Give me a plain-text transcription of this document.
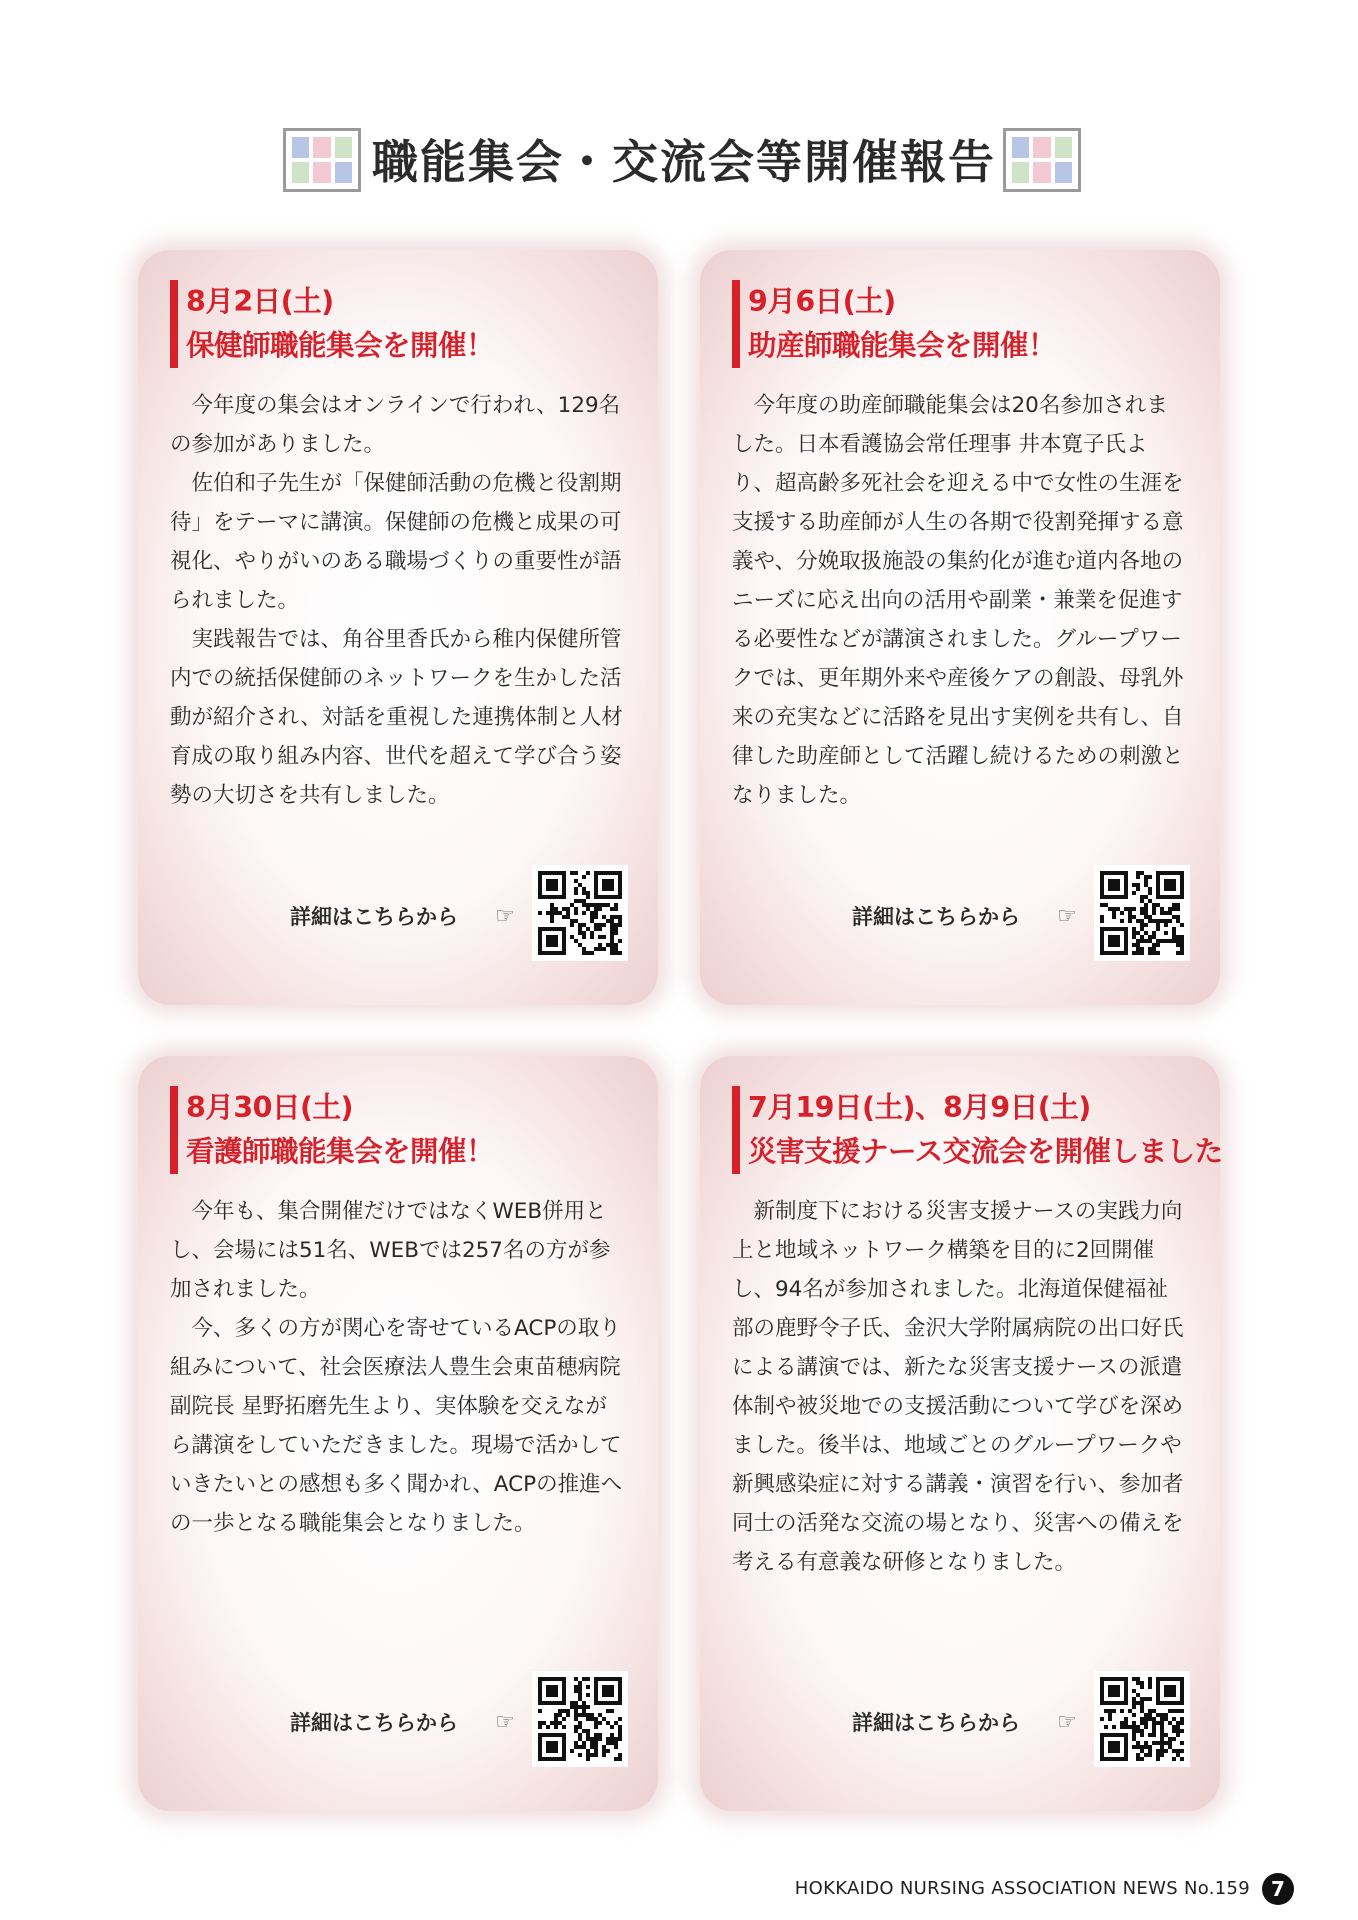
職能集会・交流会等開催報告
8月2日(土)
保健師職能集会を開催！

今年度の集会はオンラインで行われ、129名の参加がありました。

佐伯和子先生が「保健師活動の危機と役割期待」をテーマに講演。保健師の危機と成果の可視化、やりがいのある職場づくりの重要性が語られました。

実践報告では、角谷里香氏から稚内保健所管内での統括保健師のネットワークを生かした活動が紹介され、対話を重視した連携体制と人材育成の取り組み内容、世代を超えて学び合う姿勢の大切さを共有しました。

詳細はこちらから ☞
9月6日(土)
助産師職能集会を開催！

今年度の助産師職能集会は20名参加されました。日本看護協会常任理事 井本寛子氏より、超高齢多死社会を迎える中で女性の生涯を支援する助産師が人生の各期で役割発揮する意義や、分娩取扱施設の集約化が進む道内各地のニーズに応え出向の活用や副業・兼業を促進する必要性などが講演されました。グループワークでは、更年期外来や産後ケアの創設、母乳外来の充実などに活路を見出す実例を共有し、自律した助産師として活躍し続けるための刺激となりました。

詳細はこちらから ☞
8月30日(土)
看護師職能集会を開催！

今年も、集合開催だけではなくWEB併用とし、会場には51名、WEBでは257名の方が参加されました。

今、多くの方が関心を寄せているACPの取り組みについて、社会医療法人豊生会東苗穂病院副院長 星野拓磨先生より、実体験を交えながら講演をしていただきました。現場で活かしていきたいとの感想も多く聞かれ、ACPの推進への一歩となる職能集会となりました。

詳細はこちらから ☞
7月19日(土)、8月9日(土)
災害支援ナース交流会を開催しました

新制度下における災害支援ナースの実践力向上と地域ネットワーク構築を目的に2回開催し、94名が参加されました。北海道保健福祉部の鹿野令子氏、金沢大学附属病院の出口好氏による講演では、新たな災害支援ナースの派遣体制や被災地での支援活動について学びを深めました。後半は、地域ごとのグループワークや新興感染症に対する講義・演習を行い、参加者同士の活発な交流の場となり、災害への備えを考える有意義な研修となりました。

詳細はこちらから ☞
HOKKAIDO NURSING ASSOCIATION NEWS No.159	7
